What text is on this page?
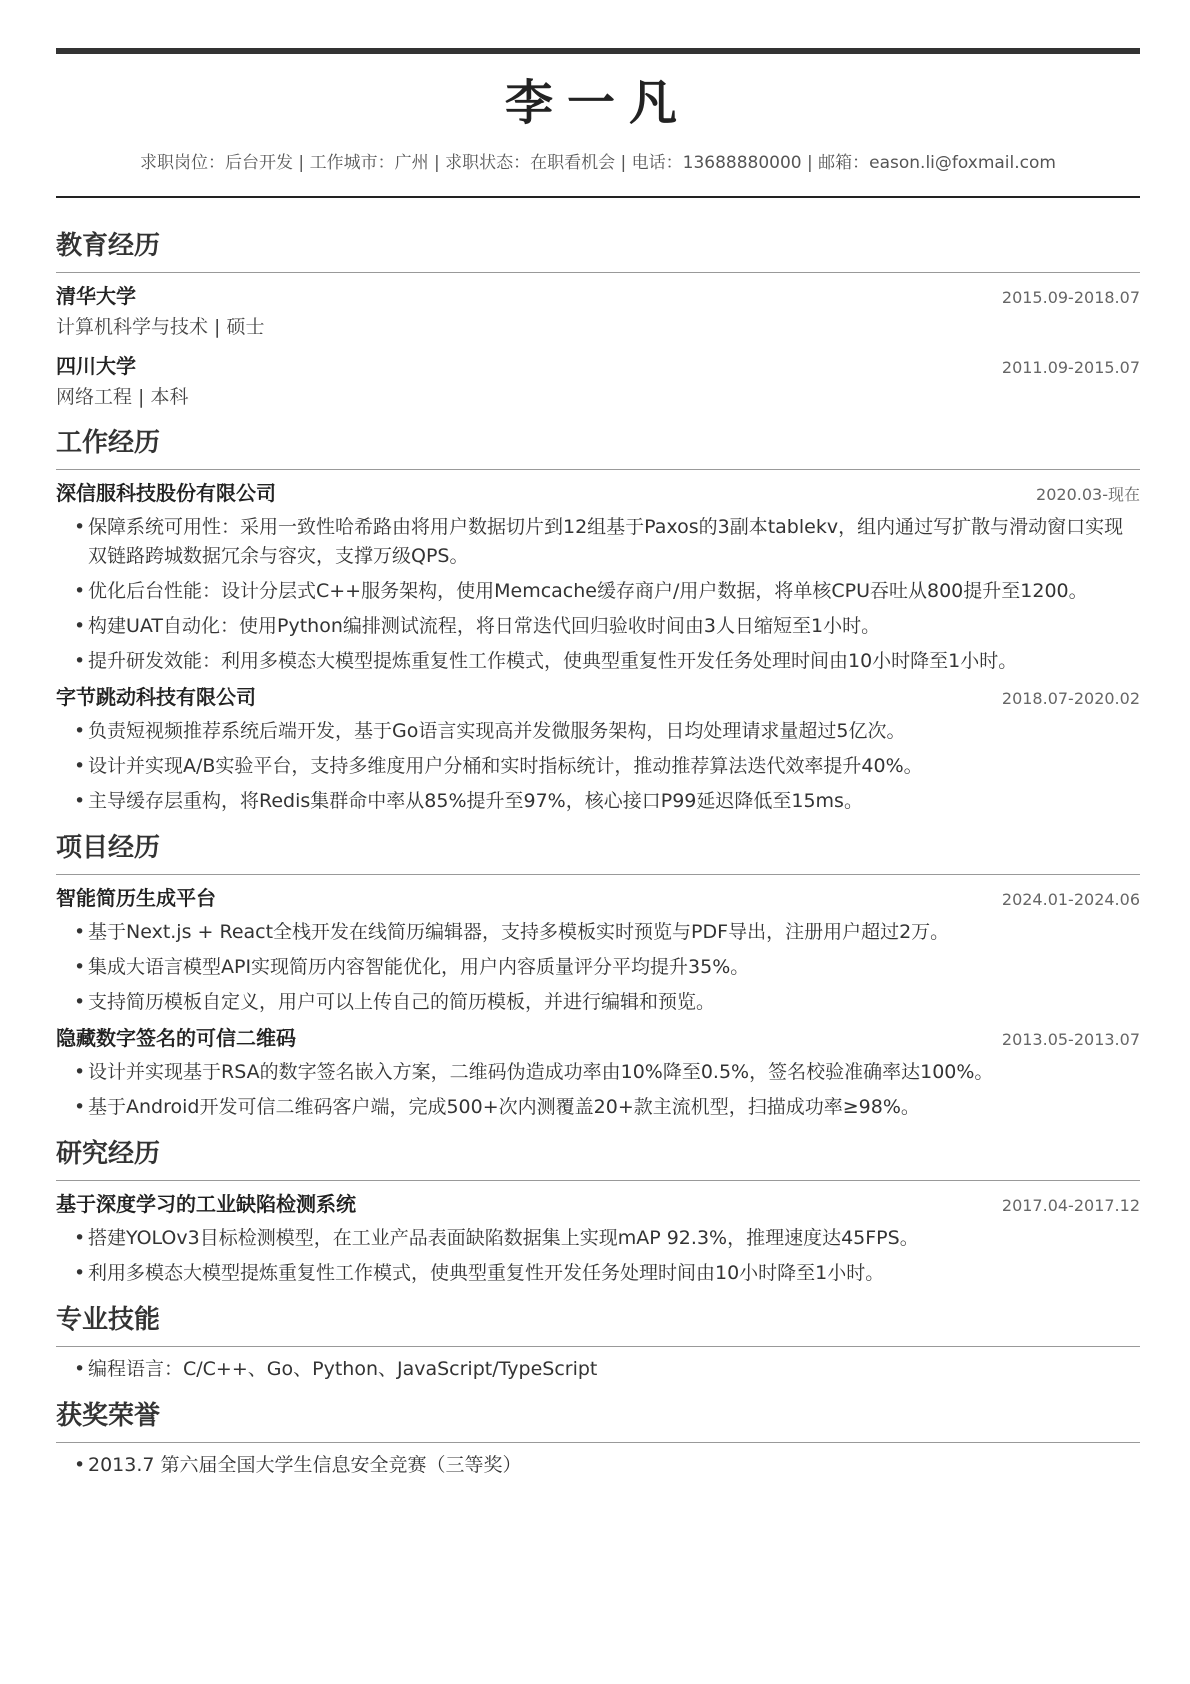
李一凡
求职岗位：后台开发 | 工作城市：广州 | 求职状态：在职看机会 | 电话：13688880000 | 邮箱：eason.li@foxmail.com
教育经历
清华大学	2015.09-2018.07
计算机科学与技术 | 硕士
四川大学	2011.09-2015.07
网络工程 | 本科
工作经历
深信服科技股份有限公司	2020.03-现在
• 保障系统可用性：采用一致性哈希路由将用户数据切片到12组基于Paxos的3副本tablekv，组内通过写扩散与滑动窗口实现双链路跨城数据冗余与容灾，支撑万级QPS。
• 优化后台性能：设计分层式C++服务架构，使用Memcache缓存商户/用户数据，将单核CPU吞吐从800提升至1200。
• 构建UAT自动化：使用Python编排测试流程，将日常迭代回归验收时间由3人日缩短至1小时。
• 提升研发效能：利用多模态大模型提炼重复性工作模式，使典型重复性开发任务处理时间由10小时降至1小时。
字节跳动科技有限公司	2018.07-2020.02
• 负责短视频推荐系统后端开发，基于Go语言实现高并发微服务架构，日均处理请求量超过5亿次。
• 设计并实现A/B实验平台，支持多维度用户分桶和实时指标统计，推动推荐算法迭代效率提升40%。
• 主导缓存层重构，将Redis集群命中率从85%提升至97%，核心接口P99延迟降低至15ms。
项目经历
智能简历生成平台	2024.01-2024.06
• 基于Next.js + React全栈开发在线简历编辑器，支持多模板实时预览与PDF导出，注册用户超过2万。
• 集成大语言模型API实现简历内容智能优化，用户内容质量评分平均提升35%。
• 支持简历模板自定义，用户可以上传自己的简历模板，并进行编辑和预览。
隐藏数字签名的可信二维码	2013.05-2013.07
• 设计并实现基于RSA的数字签名嵌入方案，二维码伪造成功率由10%降至0.5%，签名校验准确率达100%。
• 基于Android开发可信二维码客户端，完成500+次内测覆盖20+款主流机型，扫描成功率≥98%。
研究经历
基于深度学习的工业缺陷检测系统	2017.04-2017.12
• 搭建YOLOv3目标检测模型，在工业产品表面缺陷数据集上实现mAP 92.3%，推理速度达45FPS。
• 利用多模态大模型提炼重复性工作模式，使典型重复性开发任务处理时间由10小时降至1小时。
专业技能
• 编程语言：C/C++、Go、Python、JavaScript/TypeScript
获奖荣誉
• 2013.7 第六届全国大学生信息安全竞赛（三等奖）
